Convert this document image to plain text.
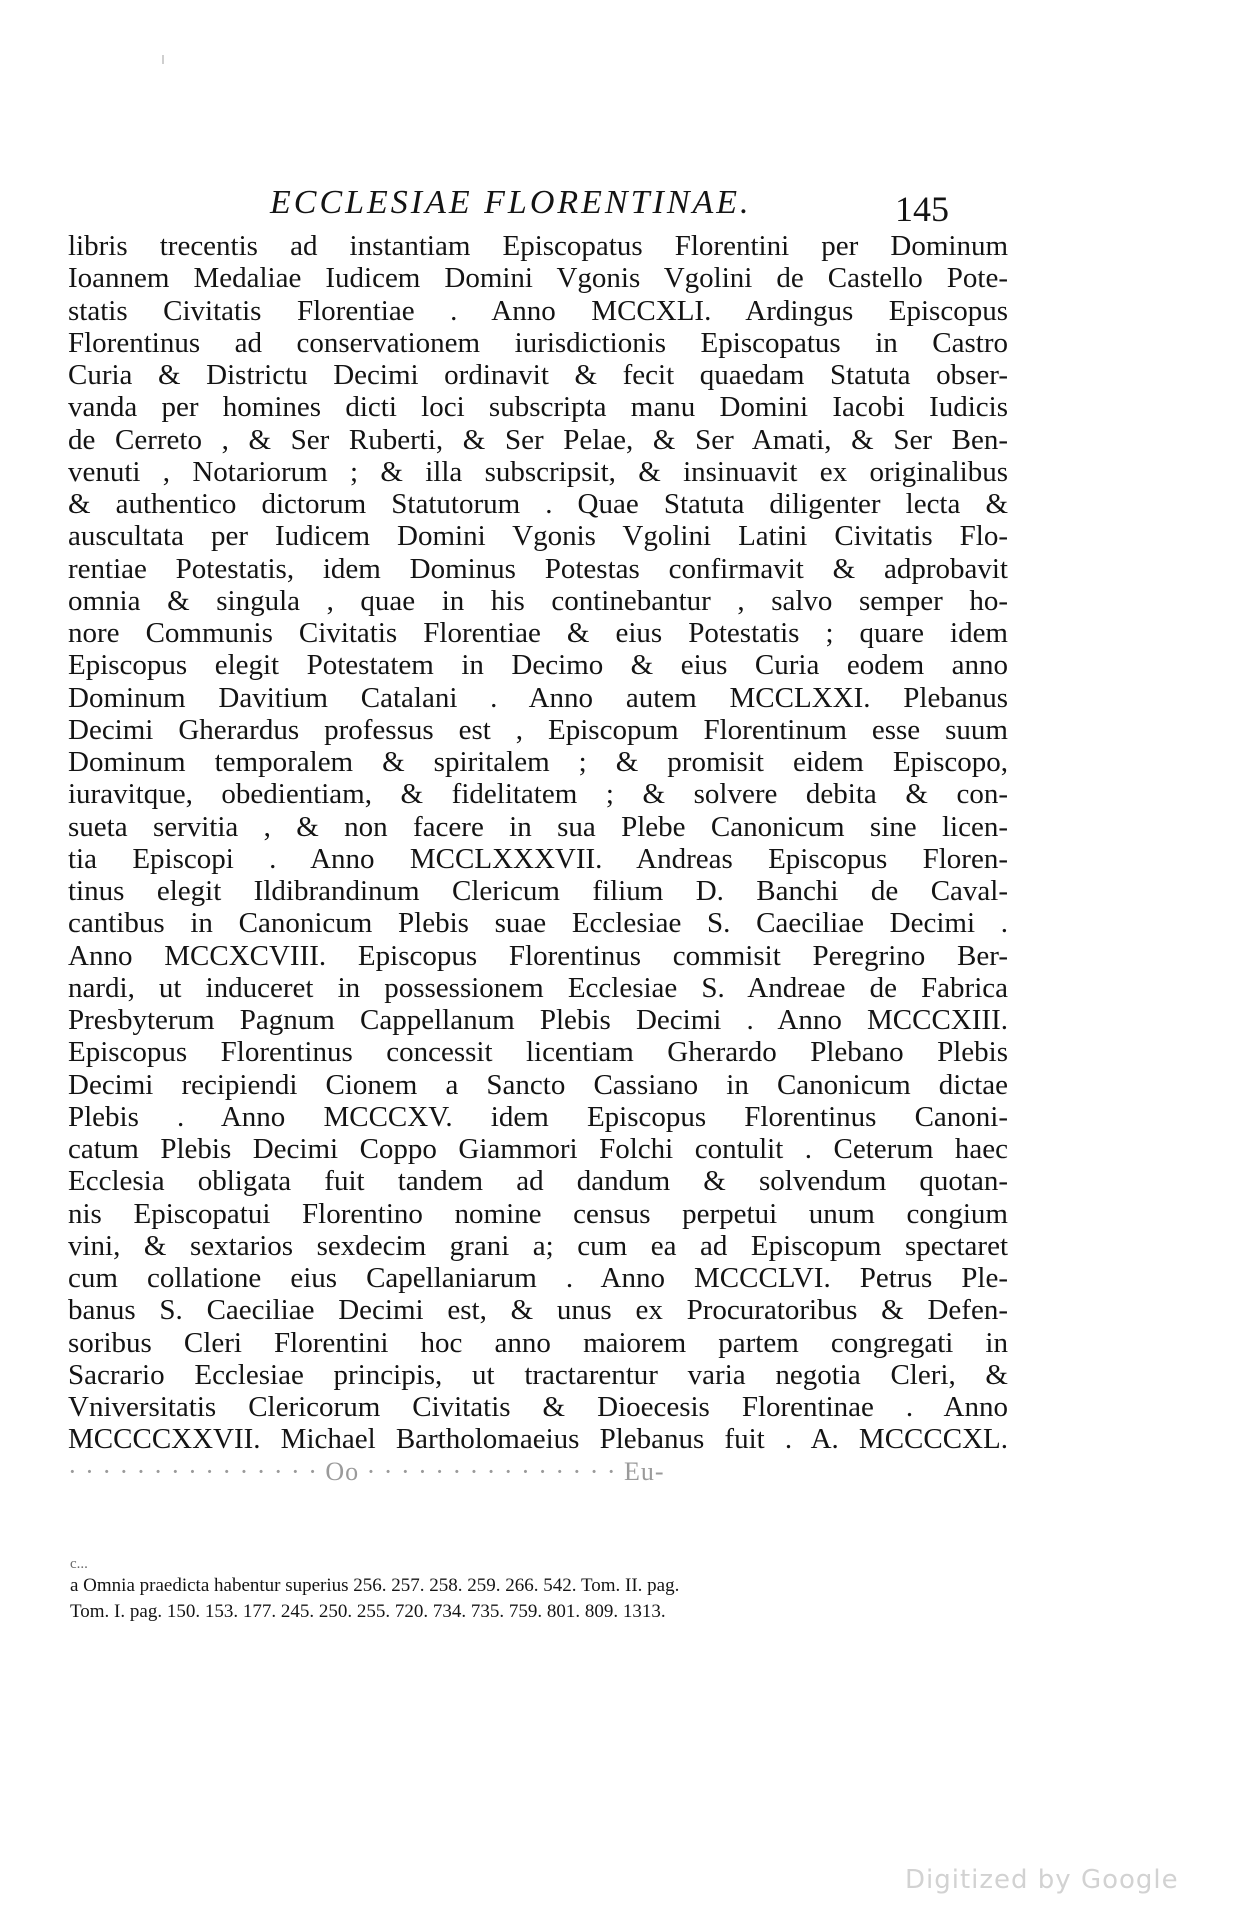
ECCLESIAE FLORENTINAE.	145
libris trecentis ad instantiam Episcopatus Florentini per Dominum
Ioannem Medaliae Iudicem Domini Vgonis Vgolini de Castello Pote-
statis Civitatis Florentiae . Anno MCCXLI. Ardingus Episcopus
Florentinus ad conservationem iurisdictionis Episcopatus in Castro
Curia & Districtu Decimi ordinavit & fecit quaedam Statuta obser-
vanda per homines dicti loci subscripta manu Domini Iacobi Iudicis
de Cerreto , & Ser Ruberti, & Ser Pelae, & Ser Amati, & Ser Ben-
venuti , Notariorum ; & illa subscripsit, & insinuavit ex originalibus
& authentico dictorum Statutorum . Quae Statuta diligenter lecta &
auscultata per Iudicem Domini Vgonis Vgolini Latini Civitatis Flo-
rentiae Potestatis, idem Dominus Potestas confirmavit & adprobavit
omnia & singula , quae in his continebantur , salvo semper ho-
nore Communis Civitatis Florentiae & eius Potestatis ; quare idem
Episcopus elegit Potestatem in Decimo & eius Curia eodem anno
Dominum Davitium Catalani . Anno autem MCCLXXI. Plebanus
Decimi Gherardus professus est , Episcopum Florentinum esse suum
Dominum temporalem & spiritalem ; & promisit eidem Episcopo,
iuravitque, obedientiam, & fidelitatem ; & solvere debita & con-
sueta servitia , & non facere in sua Plebe Canonicum sine licen-
tia Episcopi . Anno MCCLXXXVII. Andreas Episcopus Floren-
tinus elegit Ildibrandinum Clericum filium D. Banchi de Caval-
cantibus in Canonicum Plebis suae Ecclesiae S. Caeciliae Decimi .
Anno MCCXCVIII. Episcopus Florentinus commisit Peregrino Ber-
nardi, ut induceret in possessionem Ecclesiae S. Andreae de Fabrica
Presbyterum Pagnum Cappellanum Plebis Decimi . Anno MCCCXIII.
Episcopus Florentinus concessit licentiam Gherardo Plebano Plebis
Decimi recipiendi Cionem a Sancto Cassiano in Canonicum dictae
Plebis . Anno MCCCXV. idem Episcopus Florentinus Canoni-
catum Plebis Decimi Coppo Giammori Folchi contulit . Ceterum haec
Ecclesia obligata fuit tandem ad dandum & solvendum quotan-
nis Episcopatui Florentino nomine census perpetui unum congium
vini, & sextarios sexdecim grani a; cum ea ad Episcopum spectaret
cum collatione eius Capellaniarum . Anno MCCCLVI. Petrus Ple-
banus S. Caeciliae Decimi est, & unus ex Procuratoribus & Defen-
soribus Cleri Florentini hoc anno maiorem partem congregati in
Sacrario Ecclesiae principis, ut tractarentur varia negotia Cleri, &
Vniversitatis Clericorum Civitatis & Dioecesis Florentinae . Anno
MCCCCXXVII. Michael Bartholomaeius Plebanus fuit . A. MCCCCXL.
· · · · · · · · · · · · · · · Oo · · · · · · · · · · · · · · · Eu-
c...
a Omnia praedicta habentur superius 256. 257. 258. 259. 266. 542. Tom. II. pag.
Tom. I. pag. 150. 153. 177. 245. 250. 255. 720. 734. 735. 759. 801. 809. 1313.
Digitized by Google
